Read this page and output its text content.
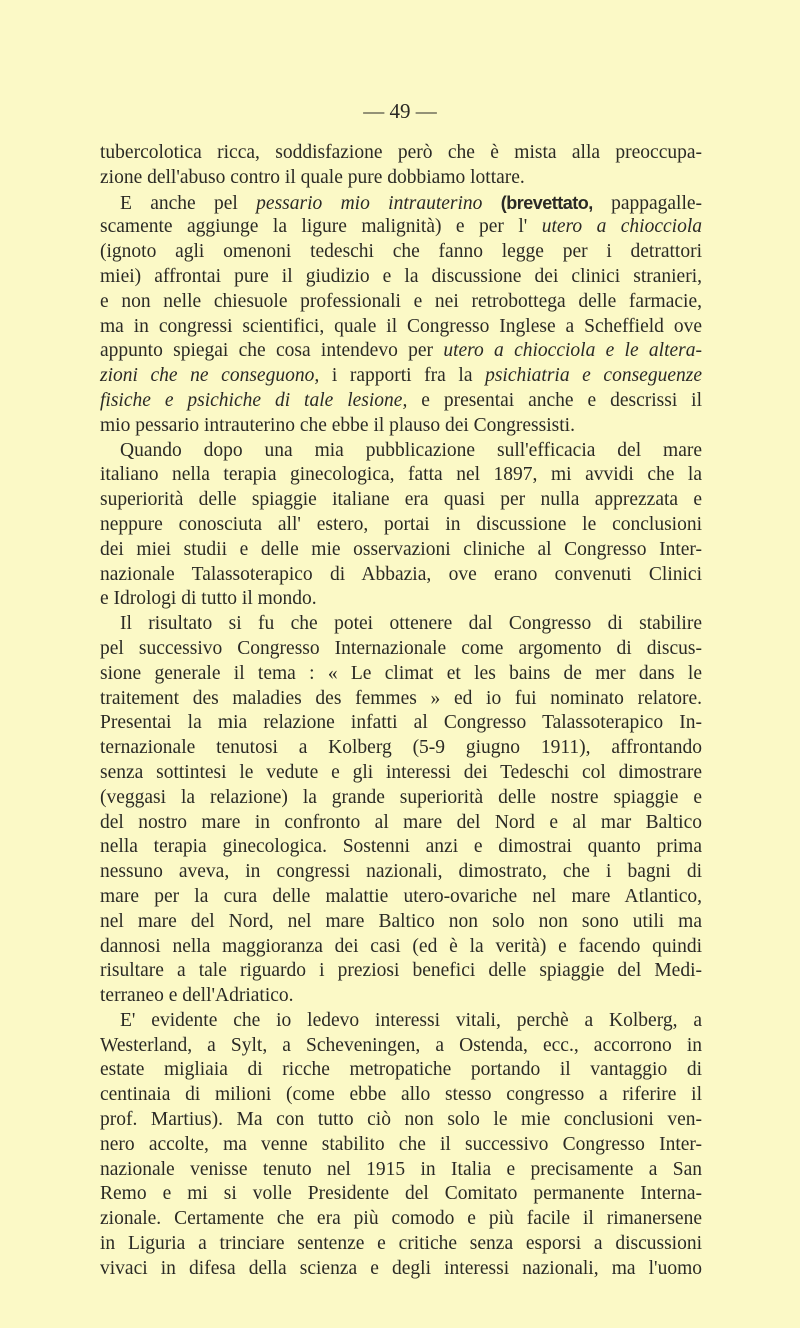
— 49 —
tubercolotica ricca, soddisfazione però che è mista alla preoccupa-
zione dell'abuso contro il quale pure dobbiamo lottare.
E anche pel pessario mio intrauterino (brevettato, pappagalle-
scamente aggiunge la ligure malignità) e per l' utero a chiocciola
(ignoto agli omenoni tedeschi che fanno legge per i detrattori
miei) affrontai pure il giudizio e la discussione dei clinici stranieri,
e non nelle chiesuole professionali e nei retrobottega delle farmacie,
ma in congressi scientifici, quale il Congresso Inglese a Scheffield ove
appunto spiegai che cosa intendevo per utero a chiocciola e le altera-
zioni che ne conseguono, i rapporti fra la psichiatria e conseguenze
fisiche e psichiche di tale lesione, e presentai anche e descrissi il
mio pessario intrauterino che ebbe il plauso dei Congressisti.
Quando dopo una mia pubblicazione sull'efficacia del mare
italiano nella terapia ginecologica, fatta nel 1897, mi avvidi che la
superiorità delle spiaggie italiane era quasi per nulla apprezzata e
neppure conosciuta all' estero, portai in discussione le conclusioni
dei miei studii e delle mie osservazioni cliniche al Congresso Inter-
nazionale Talassoterapico di Abbazia, ove erano convenuti Clinici
e Idrologi di tutto il mondo.
Il risultato si fu che potei ottenere dal Congresso di stabilire
pel successivo Congresso Internazionale come argomento di discus-
sione generale il tema : « Le climat et les bains de mer dans le
traitement des maladies des femmes » ed io fui nominato relatore.
Presentai la mia relazione infatti al Congresso Talassoterapico In-
ternazionale tenutosi a Kolberg (5-9 giugno 1911), affrontando
senza sottintesi le vedute e gli interessi dei Tedeschi col dimostrare
(veggasi la relazione) la grande superiorità delle nostre spiaggie e
del nostro mare in confronto al mare del Nord e al mar Baltico
nella terapia ginecologica. Sostenni anzi e dimostrai quanto prima
nessuno aveva, in congressi nazionali, dimostrato, che i bagni di
mare per la cura delle malattie utero-ovariche nel mare Atlantico,
nel mare del Nord, nel mare Baltico non solo non sono utili ma
dannosi nella maggioranza dei casi (ed è la verità) e facendo quindi
risultare a tale riguardo i preziosi benefici delle spiaggie del Medi-
terraneo e dell'Adriatico.
E' evidente che io ledevo interessi vitali, perchè a Kolberg, a
Westerland, a Sylt, a Scheveningen, a Ostenda, ecc., accorrono in
estate migliaia di ricche metropatiche portando il vantaggio di
centinaia di milioni (come ebbe allo stesso congresso a riferire il
prof. Martius). Ma con tutto ciò non solo le mie conclusioni ven-
nero accolte, ma venne stabilito che il successivo Congresso Inter-
nazionale venisse tenuto nel 1915 in Italia e precisamente a San
Remo e mi si volle Presidente del Comitato permanente Interna-
zionale. Certamente che era più comodo e più facile il rimanersene
in Liguria a trinciare sentenze e critiche senza esporsi a discussioni
vivaci in difesa della scienza e degli interessi nazionali, ma l'uomo
